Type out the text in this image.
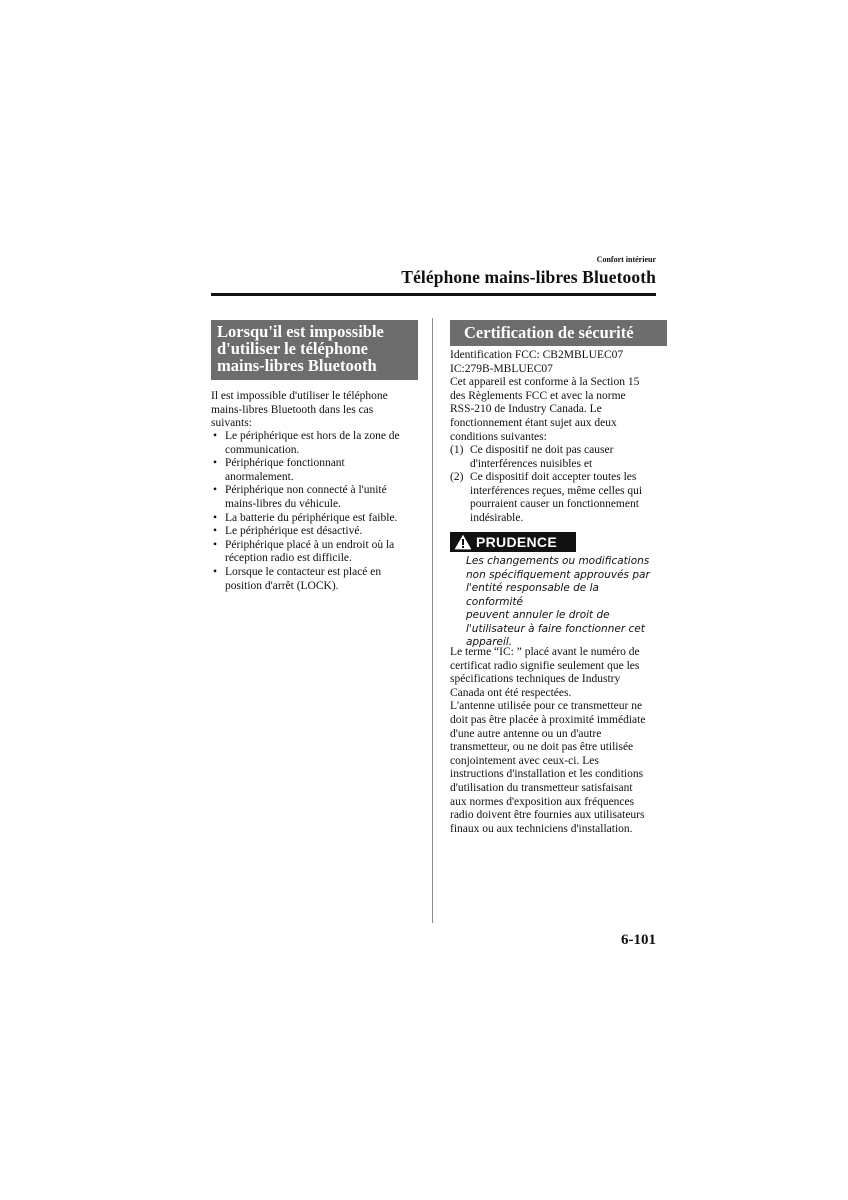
Confort intérieur
Téléphone mains-libres Bluetooth
Lorsqu'il est impossible
d'utiliser le téléphone
mains-libres Bluetooth
Il est impossible d'utiliser le téléphone
mains-libres Bluetooth dans les cas
suivants:
• Le périphérique est hors de la zone de
communication.
• Périphérique fonctionnant
anormalement.
• Périphérique non connecté à l'unité
mains-libres du véhicule.
• La batterie du périphérique est faible.
• Le périphérique est désactivé.
• Périphérique placé à un endroit où la
réception radio est difficile.
• Lorsque le contacteur est placé en
position d'arrêt (LOCK).
Certification de sécurité
Identification FCC: CB2MBLUEC07
IC:279B-MBLUEC07
Cet appareil est conforme à la Section 15
des Règlements FCC et avec la norme
RSS-210 de Industry Canada. Le
fonctionnement étant sujet aux deux
conditions suivantes:
(1) Ce dispositif ne doit pas causer
d'interférences nuisibles et
(2) Ce dispositif doit accepter toutes les
interférences reçues, même celles qui
pourraient causer un fonctionnement
indésirable.
PRUDENCE
Les changements ou modifications
non spécifiquement approuvés par
l'entité responsable de la conformité
peuvent annuler le droit de
l'utilisateur à faire fonctionner cet
appareil.
Le terme “IC: ” placé avant le numéro de
certificat radio signifie seulement que les
spécifications techniques de Industry
Canada ont été respectées.
L'antenne utilisée pour ce transmetteur ne
doit pas être placée à proximité immédiate
d'une autre antenne ou un d'autre
transmetteur, ou ne doit pas être utilisée
conjointement avec ceux-ci. Les
instructions d'installation et les conditions
d'utilisation du transmetteur satisfaisant
aux normes d'exposition aux fréquences
radio doivent être fournies aux utilisateurs
finaux ou aux techniciens d'installation.
6-101
